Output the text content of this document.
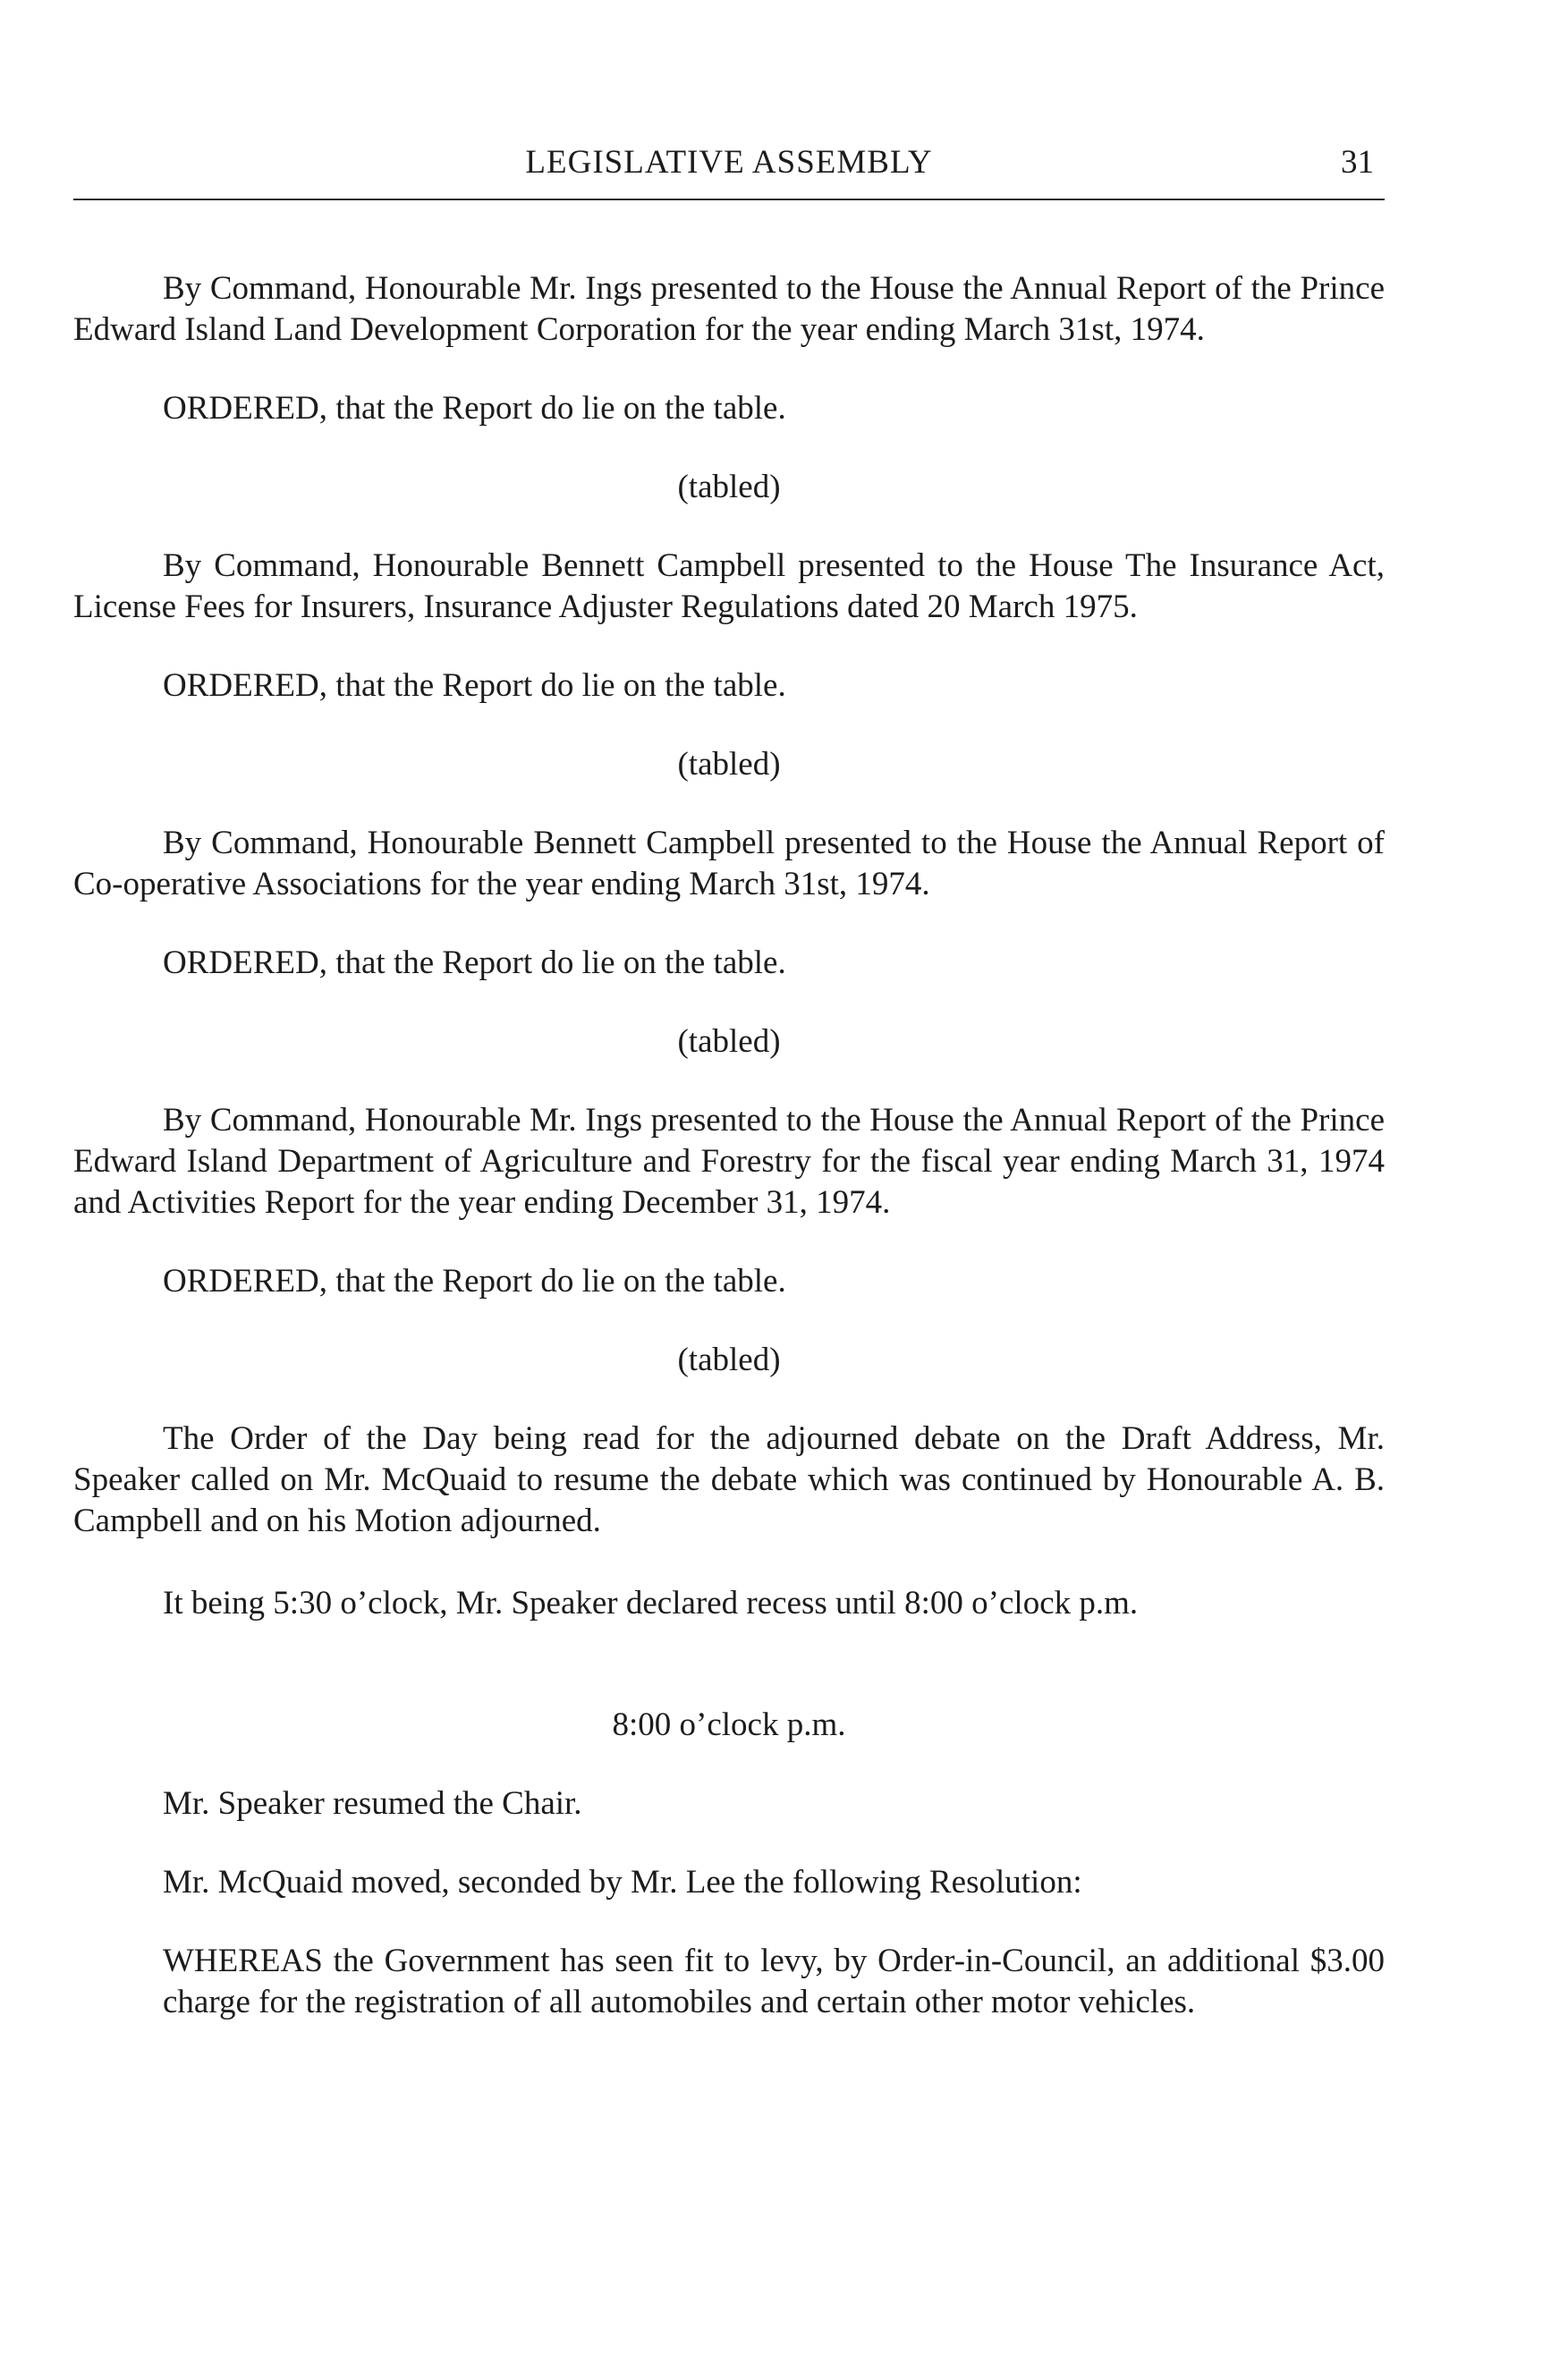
LEGISLATIVE ASSEMBLY	31

By Command, Honourable Mr. Ings presented to the House the Annual Report of the Prince Edward Island Land Development Corporation for the year ending March 31st, 1974.

ORDERED, that the Report do lie on the table.

(tabled)

By Command, Honourable Bennett Campbell presented to the House The Insurance Act, License Fees for Insurers, Insurance Adjuster Regulations dated 20 March 1975.

ORDERED, that the Report do lie on the table.

(tabled)

By Command, Honourable Bennett Campbell presented to the House the Annual Report of Co-operative Associations for the year ending March 31st, 1974.

ORDERED, that the Report do lie on the table.

(tabled)

By Command, Honourable Mr. Ings presented to the House the Annual Report of the Prince Edward Island Department of Agriculture and Forestry for the fiscal year ending March 31, 1974 and Activities Report for the year ending December 31, 1974.

ORDERED, that the Report do lie on the table.

(tabled)

The Order of the Day being read for the adjourned debate on the Draft Address, Mr. Speaker called on Mr. McQuaid to resume the debate which was continued by Honourable A. B. Campbell and on his Motion adjourned.

It being 5:30 o’clock, Mr. Speaker declared recess until 8:00 o’clock p.m.

8:00 o’clock p.m.

Mr. Speaker resumed the Chair.

Mr. McQuaid moved, seconded by Mr. Lee the following Resolution:

WHEREAS the Government has seen fit to levy, by Order-in-Council, an additional $3.00 charge for the registration of all automobiles and certain other motor vehicles.
